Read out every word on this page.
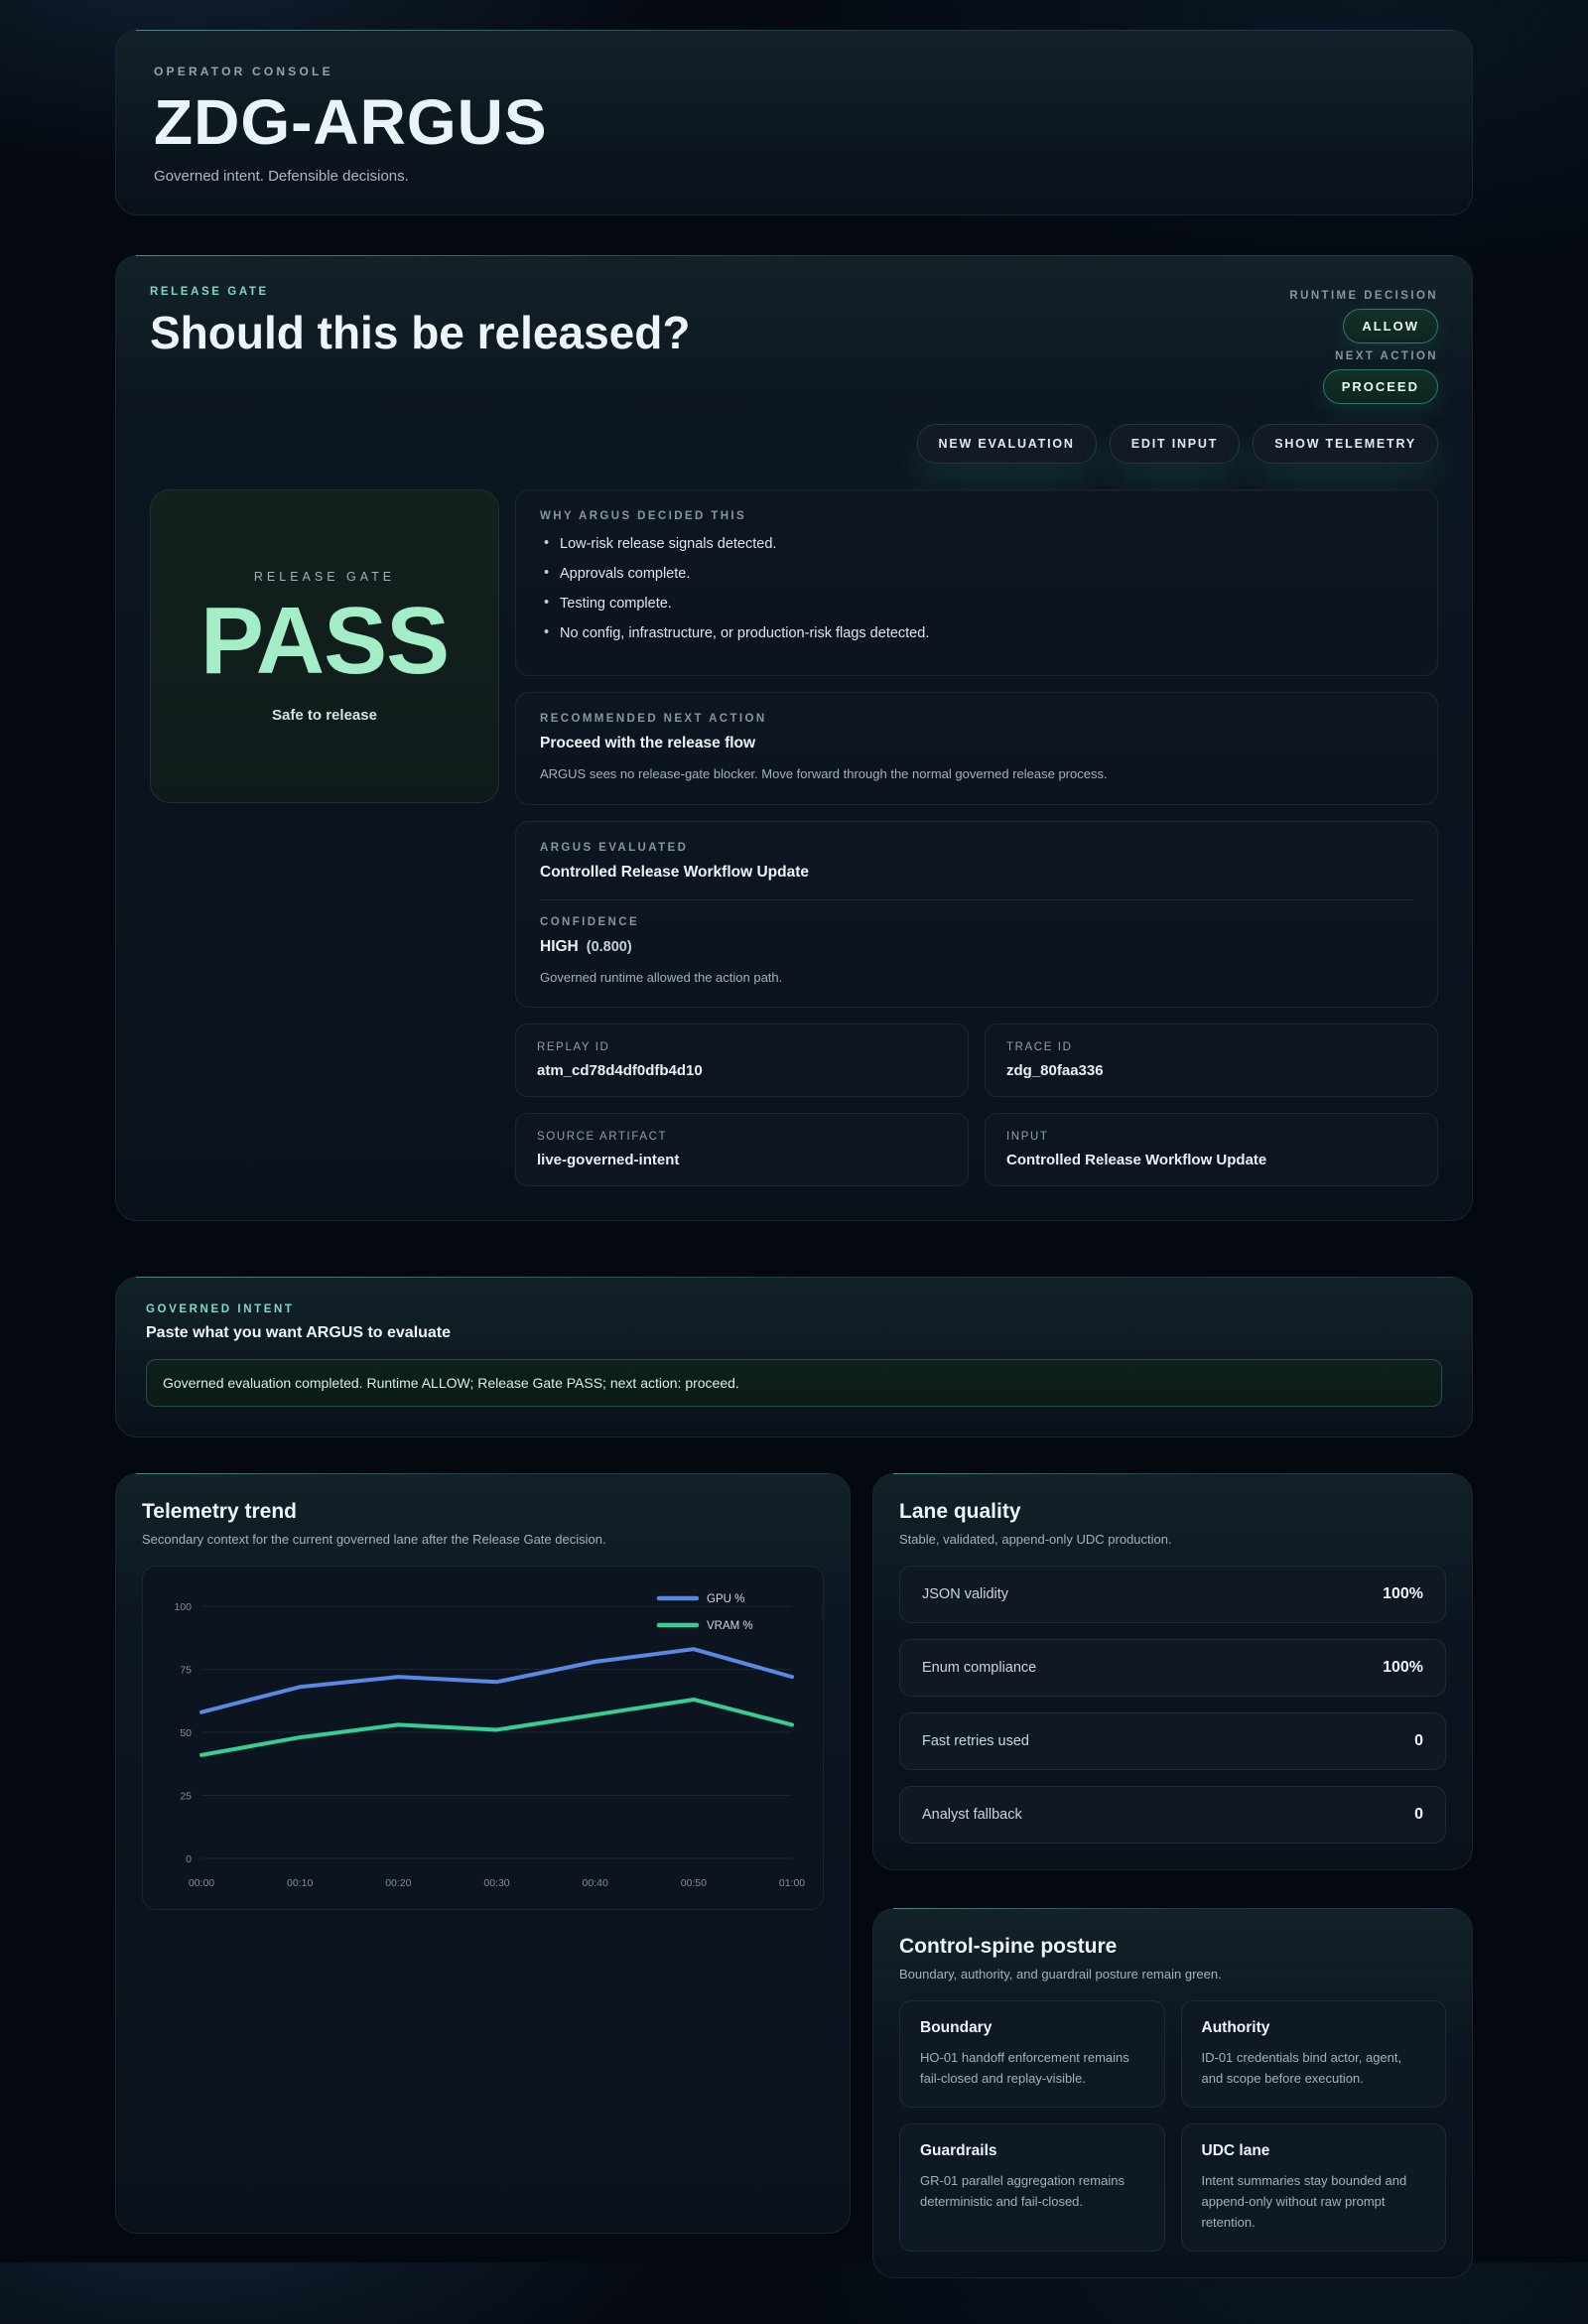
OPERATOR CONSOLE
ZDG-ARGUS
Governed intent. Defensible decisions.
RELEASE GATE
Should this be released?
RUNTIME DECISION
ALLOW
NEXT ACTION
PROCEED
NEW EVALUATION	EDIT INPUT	SHOW TELEMETRY
RELEASE GATE
PASS
Safe to release
WHY ARGUS DECIDED THIS
• Low-risk release signals detected.
• Approvals complete.
• Testing complete.
• No config, infrastructure, or production-risk flags detected.
RECOMMENDED NEXT ACTION
Proceed with the release flow
ARGUS sees no release-gate blocker. Move forward through the normal governed release process.
ARGUS EVALUATED
Controlled Release Workflow Update
CONFIDENCE
HIGH (0.800)
Governed runtime allowed the action path.
REPLAY ID
atm_cd78d4df0dfb4d10
TRACE ID
zdg_80faa336
SOURCE ARTIFACT
live-governed-intent
INPUT
Controlled Release Workflow Update
GOVERNED INTENT
Paste what you want ARGUS to evaluate
Governed evaluation completed. Runtime ALLOW; Release Gate PASS; next action: proceed.
Telemetry trend

Secondary context for the current governed lane after the Release Gate decision.

0
25
50
75
100
00:00	00:10	00:20	00:30	00:40	00:50	01:00
GPU %
VRAM %
Lane quality

Stable, validated, append-only UDC production.

JSON validity	100%
Enum compliance	100%
Fast retries used	0
Analyst fallback	0
Control-spine posture

Boundary, authority, and guardrail posture remain green.

Boundary

HO-01 handoff enforcement remains fail-closed and replay-visible.

Authority

ID-01 credentials bind actor, agent, and scope before execution.

Guardrails

GR-01 parallel aggregation remains deterministic and fail-closed.

UDC lane

Intent summaries stay bounded and append-only without raw prompt retention.
